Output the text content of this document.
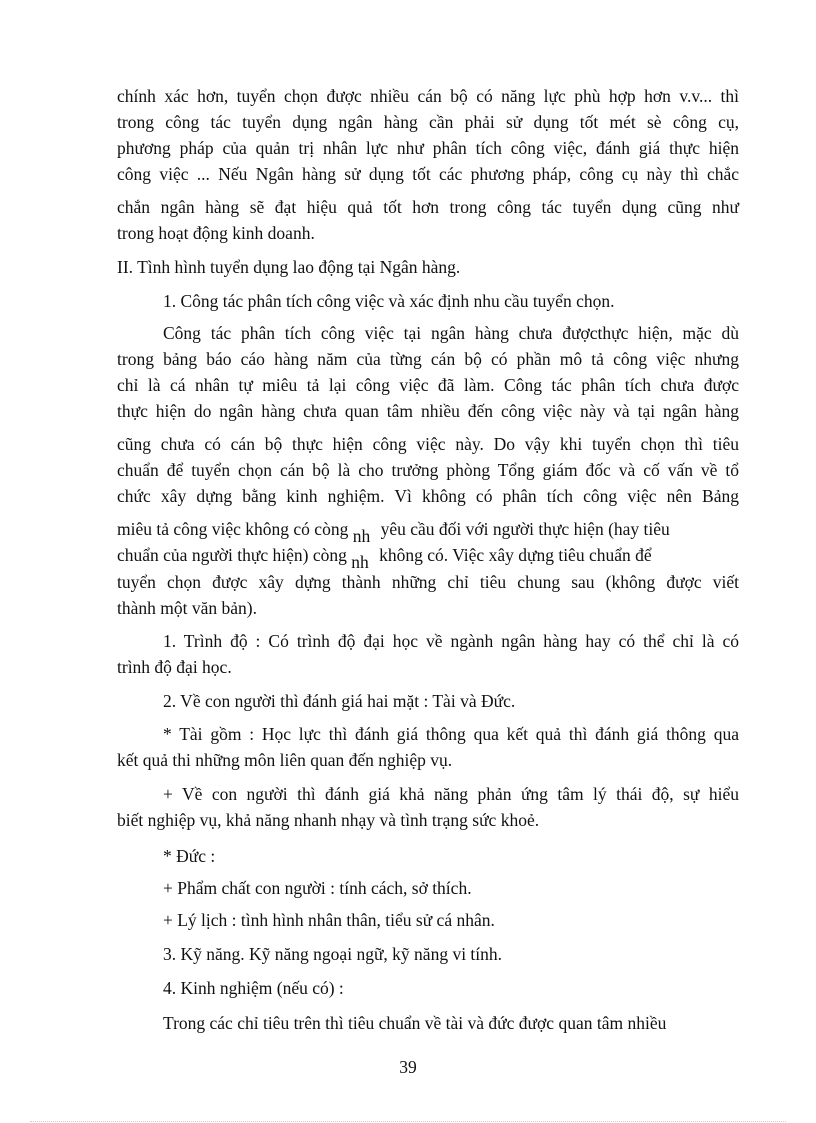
chính xác hơn, tuyển chọn được nhiều cán bộ có năng lực phù hợp hơn v.v... thì
trong công tác tuyển dụng ngân hàng cần phải sử dụng tốt mét sè công cụ,
phương pháp của quản trị nhân lực như phân tích công việc, đánh giá thực hiện
công việc ... Nếu Ngân hàng sử dụng tốt các phương pháp, công cụ này thì chắc
chắn ngân hàng sẽ đạt hiệu quả tốt hơn trong công tác tuyển dụng cũng như
trong hoạt động kinh doanh.
II. Tình hình tuyển dụng lao động tại Ngân hàng.
1. Công tác phân tích công việc và xác định nhu cầu tuyển chọn.
Công tác phân tích công việc tại ngân hàng chưa đượcthực hiện, mặc dù
trong bảng báo cáo hàng năm của từng cán bộ có phần mô tả công việc nhưng
chỉ là cá nhân tự miêu tả lại công việc đã làm. Công tác phân tích chưa được
thực hiện do ngân hàng chưa quan tâm nhiều đến công việc này và tại ngân hàng
cũng chưa có cán bộ thực hiện công việc này. Do vậy khi tuyển chọn thì tiêu
chuẩn để tuyển chọn cán bộ là cho trưởng phòng Tổng giám đốc và cố vấn về tổ
chức xây dựng bằng kinh nghiệm. Vì không có phân tích công việc nên Bảng
miêu tả công việc không có còng nh yêu cầu đối với người thực hiện (hay tiêu
chuẩn của người thực hiện) còng nh không có. Việc xây dựng tiêu chuẩn để
tuyển chọn được xây dựng thành những chỉ tiêu chung sau (không được viết
thành một văn bản).
1. Trình độ : Có trình độ đại học về ngành ngân hàng hay có thể chỉ là có
trình độ đại học.
2. Về con người thì đánh giá hai mặt : Tài và Đức.
* Tài gồm : Học lực thì đánh giá thông qua kết quả thì đánh giá thông qua
kết quả thi những môn liên quan đến nghiệp vụ.
+ Về con người thì đánh giá khả năng phản ứng tâm lý thái độ, sự hiểu
biết nghiệp vụ, khả năng nhanh nhạy và tình trạng sức khoẻ.
* Đức :
+ Phẩm chất con người : tính cách, sở thích.
+ Lý lịch : tình hình nhân thân, tiểu sử cá nhân.
3. Kỹ năng. Kỹ năng ngoại ngữ, kỹ năng vi tính.
4. Kinh nghiệm (nếu có) :
Trong các chỉ tiêu trên thì tiêu chuẩn về tài và đức được quan tâm nhiều
39
